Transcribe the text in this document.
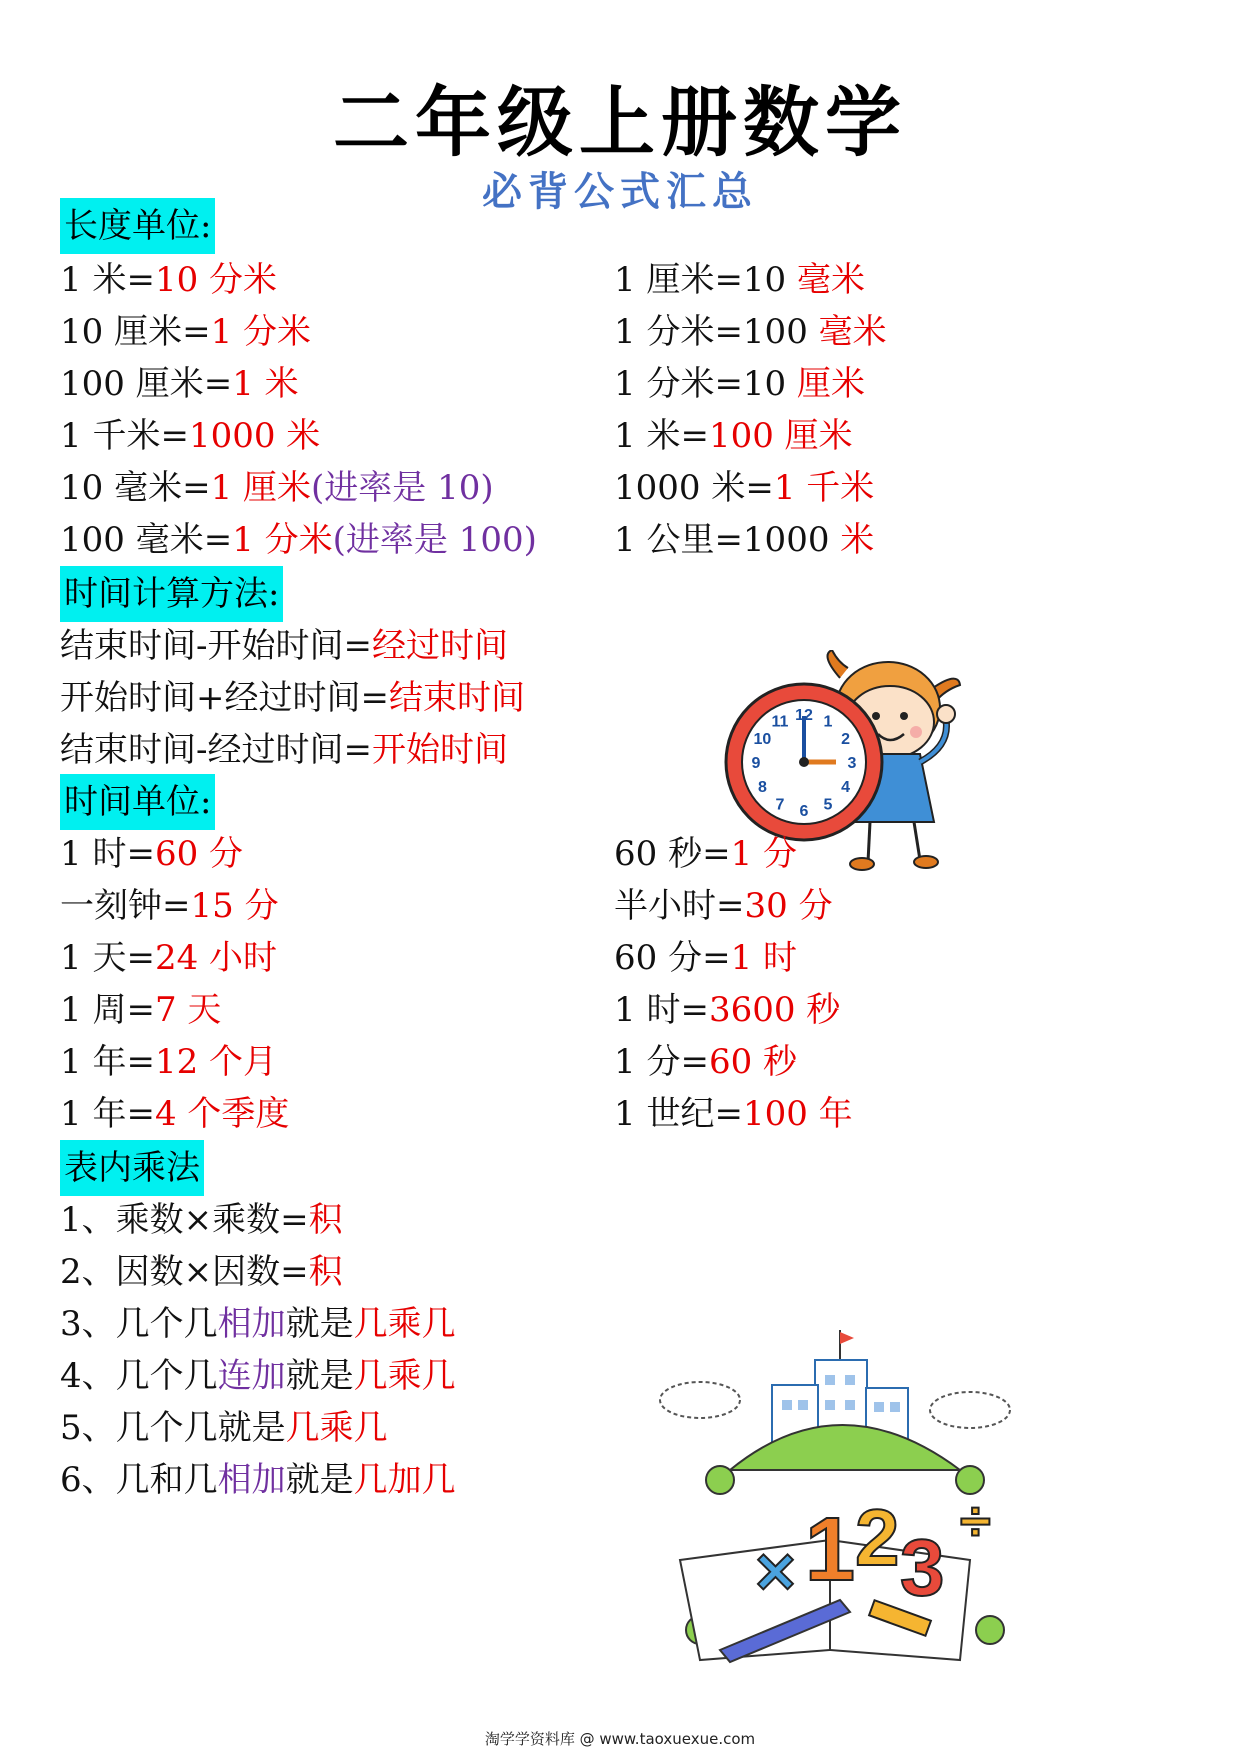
二年级上册数学
必背公式汇总
长度单位:
1 米=10 分米
10 厘米=1 分米
100 厘米=1 米
1 千米=1000 米
10 毫米=1 厘米(进率是 10)
100 毫米=1 分米(进率是 100)
1 厘米=10 毫米
1 分米=100 毫米
1 分米=10 厘米
1 米=100 厘米
1000 米=1 千米
1 公里=1000 米
时间计算方法:
结束时间-开始时间=经过时间
开始时间+经过时间=结束时间
结束时间-经过时间=开始时间
12 1
2
3
4
5
6
7
8
9
10
11
时间单位:
1 时=60 分
一刻钟=15 分
1 天=24 小时
1 周=7 天
1 年=12 个月
1 年=4 个季度
60 秒=1 分
半小时=30 分
60 分=1 时
1 时=3600 秒
1 分=60 秒
1 世纪=100 年
表内乘法
1、乘数×乘数=积
2、因数×因数=积
3、几个几相加就是几乘几
4、几个几连加就是几乘几
5、几个几就是几乘几
6、几和几相加就是几加几
× 1 2 3
÷
淘学学资料库 @ www.taoxuexue.com
